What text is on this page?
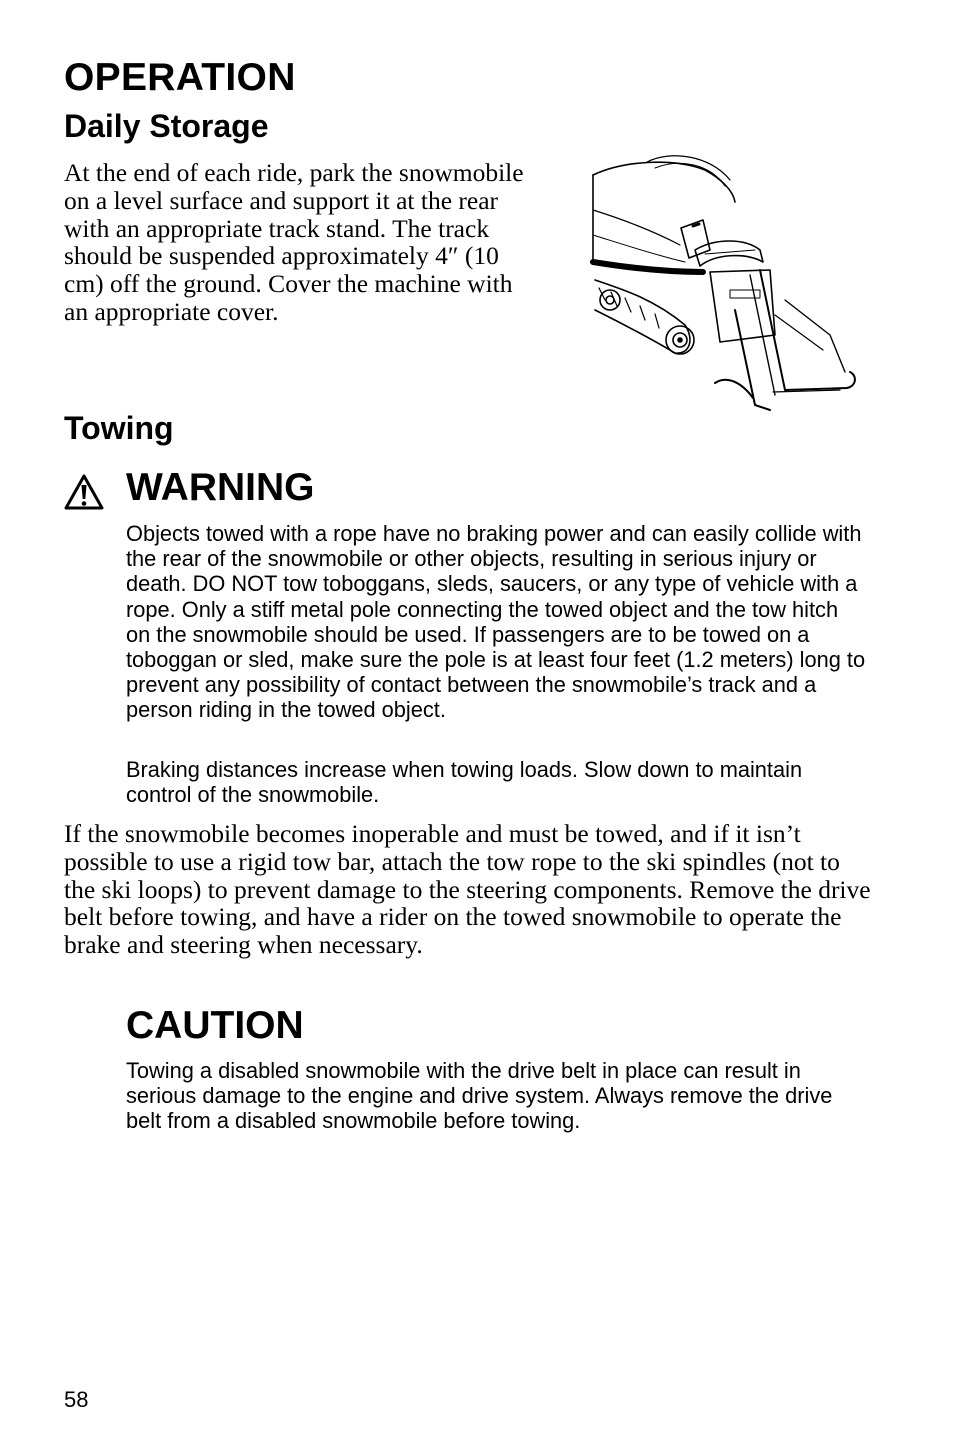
OPERATION
Daily Storage

At the end of each ride, park the snowmobile on a level surface and support it at the rear with an appropriate track stand. The track should be suspended approximately 4″ (10 cm) off the ground. Cover the machine with an appropriate cover.

Towing
WARNING

Objects towed with a rope have no braking power and can easily collide with the rear of the snowmobile or other objects, resulting in serious injury or death. DO NOT tow toboggans, sleds, saucers, or any type of vehicle with a rope. Only a stiff metal pole connecting the towed object and the tow hitch on the snowmobile should be used. If passengers are to be towed on a toboggan or sled, make sure the pole is at least four feet (1.2 meters) long to prevent any possibility of contact between the snowmobile’s track and a person riding in the towed object.

Braking distances increase when towing loads. Slow down to maintain control of the snowmobile.

If the snowmobile becomes inoperable and must be towed, and if it isn’t possible to use a rigid tow bar, attach the tow rope to the ski spindles (not to the ski loops) to prevent damage to the steering components. Remove the drive belt before towing, and have a rider on the towed snowmobile to operate the brake and steering when necessary.

CAUTION

Towing a disabled snowmobile with the drive belt in place can result in serious damage to the engine and drive system. Always remove the drive belt from a disabled snowmobile before towing.

58
